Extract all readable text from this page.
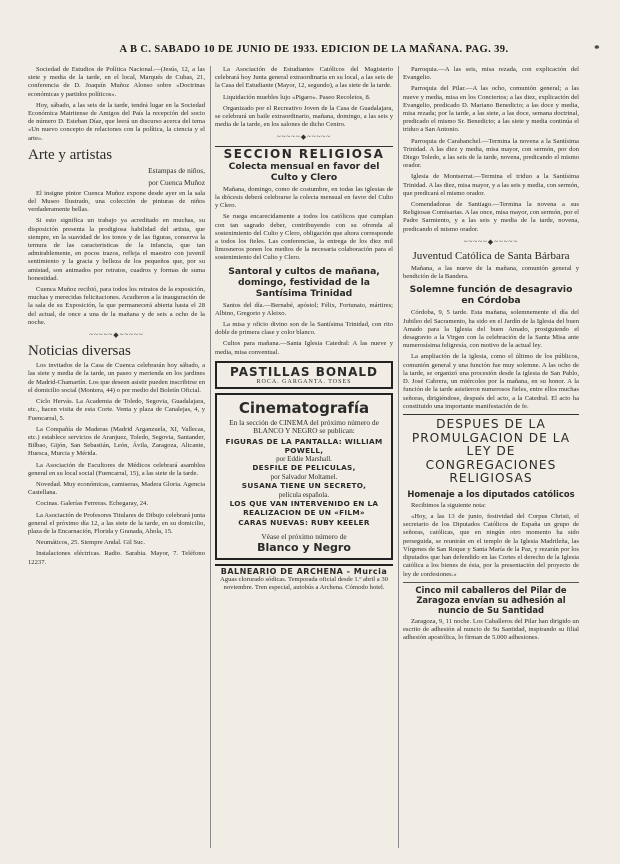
A B C. SABADO 10 DE JUNIO DE 1933. EDICION DE LA MAÑANA. PAG. 39.	*

Sociedad de Estudios de Política Nacional.—(Jesús, 12, a las siete y media de la tarde, en el local, Marqués de Cubas, 21, conferencia de D. Joaquín Muñoz Alonso sobre «Doctrinas económicas y partidos políticos».

Hoy, sábado, a las seis de la tarde, tendrá lugar en la Sociedad Económica Matritense de Amigos del País la recepción del socio de número D. Esteban Díaz, que leerá un discurso acerca del tema «Un nuevo concepto de relaciones con la política, la ciencia y el arte».

Arte y artistas
Estampas de niños,
por Cuenca Muñoz

El insigne pintor Cuenca Muñoz expone desde ayer en la sala del Museo Ilustrado, una colección de pinturas de niños verdaderamente bellas.

Si esto significa un trabajo ya acreditado en muchas, su disposición presenta la prodigiosa habilidad del artista, que siempre, en la suavidad de los tonos y de las figuras, conserva la ternura de las caracteristicas de la infancia, que tan admirablemente, en pocos trazos, refleja el maestro con juvenil sentimiento y la gracia y belleza de los pequeños que, por su amistad, son animados por retratos, cuadros y formas de suma honestidad.

Cuenca Muñoz recibió, para todos los retratos de la exposición, muchas y merecidas felicitaciones. Acudieron a la inauguración de la sala de su Exposición, la que permanecerá abierta hasta el 28 del actual, de once a una de la mañana y de seis a ocho de la noche.

~~~~~◆~~~~~
Noticias diversas

Los invitados de la Casa de Cuenca celebrarán hoy sábado, a las siete y media de la tarde, un paseo y merienda en los jardines de Madrid-Chamartín. Los que deseen asistir pueden inscribirse en el domicilio social (Montera, 44) o por medio del Boletín Oficial.

Ciclo Hervás. La Academia de Toledo, Segovia, Guadalajara, etc., hacen visita de esta Corte. Venta y plaza de Canalejas, 4, y Fuencarral, 5.

La Compañía de Maderas (Madrid Arganzuela, XI, Vallecas, etc.) establece servicios de Aranjuez, Toledo, Segovia, Santander, Bilbao, Gijón, San Sebastián, León, Ávila, Zaragoza, Alicante, Huesca, Murcia y Mérida.

La Asociación de Escultores de Médicos celebrará asamblea general en su local social (Fuencarral, 15), a las siete de la tarde.

Novedad. Muy económicas, camiseras, Madera Gloria. Agencia Castellana.

Cocinas. Galerías Ferreras. Echegaray, 24.

La Asociación de Profesores Titulares de Dibujo celebrará junta general el próximo día 12, a las siete de la tarde, en su domicilio, plaza de la Encarnación, Florida y Granada, Ahola, 15.

Neumáticos, 25. Siempre Andal. Gil Suc.

Instalaciones eléctricas. Radio. Sarabia. Mayor, 7. Teléfono 12237.

La Asociación de Estudiantes Católicos del Magisterio celebrará hoy Junta general extraordinaria en su local, a las seis de la Casa del Estudiante (Mayor, 12, segundo), a las siete de la tarde.

Liquidación muebles lujo «Pigaro». Paseo Recoletos, 8.

Organizado por el Recreativo Joven de la Casa de Guadalajara, se celebrará un baile extraordinario, mañana, domingo, a las seis y media de la tarde, en los salones de dicho Centro.

~~~~~◆~~~~~
SECCION RELIGIOSA
Colecta mensual en favor del Culto y Clero

Mañana, domingo, como de costumbre, en todas las iglesias de la diócesis deberá celebrarse la colecta mensual en favor del Culto y Clero.

Se ruega encarecidamente a todos los católicos que cumplan con tan sagrado deber, contribuyendo con su ofrenda al sostenimiento del Culto y Clero, obligación que ahora corresponde a todos los fieles. Las conferencias, la entrega de los diez mil limosneros ponen los medios de la necesaria colaboración para el sostenimiento del Culto y Clero.

Santoral y cultos de mañana, domingo, festividad de la Santísima Trinidad

Santos del día.—Bernabé, apóstol; Félix, Fortunato, mártires; Albino, Gregorio y Aleixo.

La misa y oficio divino son de la Santísima Trinidad, con rito doble de primera clase y color blanco.

Cultos para mañana.—Santa Iglesia Catedral: A las nueve y media, misa conventual.

PASTILLAS BONALD
ROCA. GARGANTA. TOSES
Cinematografía
En la sección de CINEMA del próximo número de BLANCO Y NEGRO se publican:
FIGURAS DE LA PANTALLA: WILLIAM POWELL,
por Eddie Marshall.
DESFILE DE PELICULAS,
por Salvador Moltamel.
SUSANA TIENE UN SECRETO,
película española.
LOS QUE VAN INTERVENIDO EN LA REALIZACION DE UN «FILM»
CARAS NUEVAS: RUBY KEELER
Véase el próximo número de
Blanco y Negro
BALNEARIO DE ARCHENA - Murcia

Aguas clorurado sódicas. Temporada oficial desde 1.º abril a 30 noviembre. Tren especial, autobús a Archena. Cómodo hotel.

Parroquia.—A las seis, misa rezada, con explicación del Evangelio.

Parroquia del Pilar.—A las ocho, comunión general; a las nueve y media, misa en los Conciertos; a las diez, explicación del Evangelio, predicado D. Mariano Benedicto; a las doce y media, misa rezada; por la tarde, a las siete, a las doce, semana doctrinal, predicado el mismo Sr. Benedicto; a las siete y media continúa el triduo a San Antonio.

Parroquia de Carabanchel.—Termina la novena a la Santísima Trinidad. A las diez y media, misa mayor, con sermón, por don Diego Toledo, a las seis de la tarde, novena, predicando el mismo orador.

Iglesia de Montserrat.—Termina el triduo a la Santísima Trinidad. A las diez, misa mayor, y a las seis y media, con sermón, que predicará el mismo orador.

Comendadoras de Santiago.—Termina la novena a sus Religiosas Comisarias. A las once, misa mayor, con sermón, por el Padre Sarmiento, y a las seis y media de la tarde, novena, predicando el mismo orador.

~~~~~◆~~~~~
Juventud Católica de Santa Bárbara

Mañana, a las nueve de la mañana, comunión general y bendición de la Bandera.

Solemne función de desagravio en Córdoba

Córdoba, 9, 5 tarde. Esta mañana, solemnemente el día del Jubileo del Sacramento, ha sido en el Jardín de la Iglesia del buen Amado para la Iglesia del buen Amado, prosiguiendo el desagravio a la Virgen con la celebración de la Santa Misa ante numerosísima feligresía, con motivo de la actual ley.

La ampliación de la iglesia, como el último de los públicos, comunión general y una función fue muy solemne. A las ocho de la tarde, se organizó una procesión desde la iglesia de San Pablo, D. José Cabrera, un miércoles por la mañana, en su honor. A la función de la tarde asistieron numerosos fieles, entre ellos muchas señoras, dirigiéndose, después del acto, a la Catedral. El acto ha constituido una importante manifestación de fe.

DESPUES DE LA PROMULGACION DE LA LEY DE CONGREGACIONES RELIGIOSAS
Homenaje a los diputados católicos

Recibimos la siguiente nota:

«Hoy, a las 13 de junio, festividad del Corpus Christi, el secretario de los Diputados Católicos de España un grupo de señoras, católicas, que en ningún otro momento ha sido perseguida, se reunirán en el templo de la Iglesia Madrileña, las Vírgenes de San Roque y Santa María de la Paz, y rezarán por los diputados que han defendido en las Cortes el derecho de la Iglesia católica a los bienes de ésta, por la presentación del proyecto de ley de confesiones.»

Cinco mil caballeros del Pilar de Zaragoza envían su adhesión al nuncio de Su Santidad

Zaragoza, 9, 11 noche. Los Caballeros del Pilar han dirigido un escrito de adhesión al nuncio de Su Santidad, inspirando su filial adhesión apostólica, lo firman de 5.000 adhesiones.
